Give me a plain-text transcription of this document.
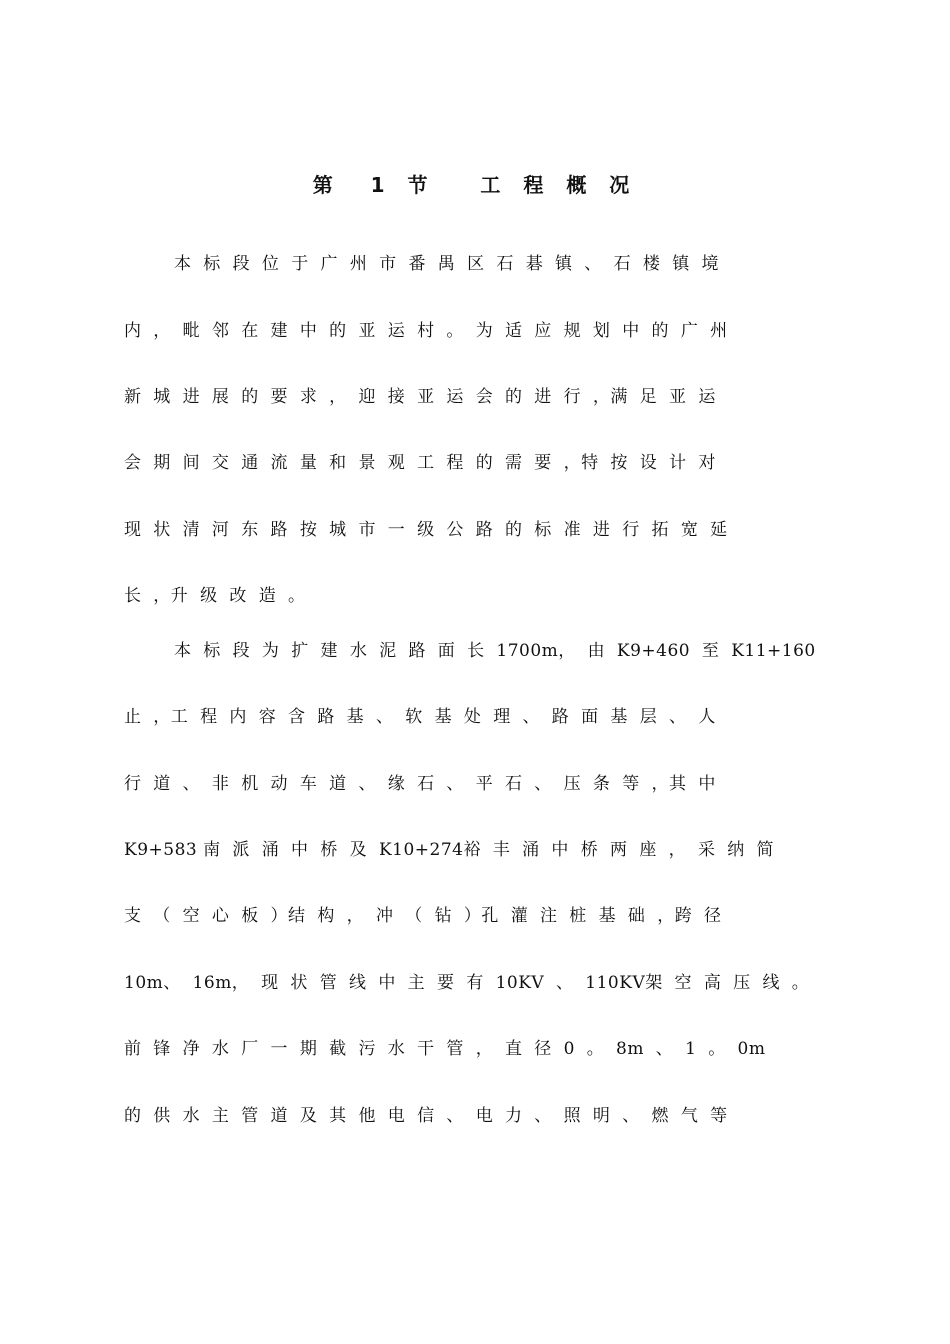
第  1 节   工 程 概 况
本  标  段  位  于  广  州  市  番  禺  区  石  碁  镇  、  石  楼  镇  境
内  ，  毗  邻  在  建  中  的  亚  运  村  。  为  适  应  规  划  中  的  广  州
新  城  进  展  的  要  求  ，  迎  接  亚  运  会  的  进  行  ，满  足  亚  运
会  期  间  交  通  流  量  和  景  观  工  程  的  需  要  ，特  按  设  计  对
现  状  清  河  东  路  按  城  市  一  级  公  路  的  标  准  进  行  拓  宽  延
长  ，升  级  改  造  。
本  标  段  为  扩  建  水  泥  路  面  长  1700m，  由  K9+460  至  K11+160
止  ，工  程  内  容  含  路  基  、  软  基  处  理  、  路  面  基  层  、  人
行  道  、  非  机  动  车  道  、  缘  石  、  平  石  、  压  条  等  ，其  中
K9+583 南  派  涌  中  桥  及  K10+274裕  丰  涌  中  桥  两  座  ，  采  纳  简
支  （  空  心  板  ）结  构  ，  冲  （  钻  ）孔  灌  注  桩  基  础  ，跨  径
10m、  16m，  现  状  管  线  中  主  要  有  10KV  、  110KV架  空  高  压  线  。
前  锋  净  水  厂  一  期  截  污  水  干  管  ，  直  径  0  。  8m  、  1  。  0m
的  供  水  主  管  道  及  其  他  电  信  、  电  力  、  照  明  、  燃  气  等
